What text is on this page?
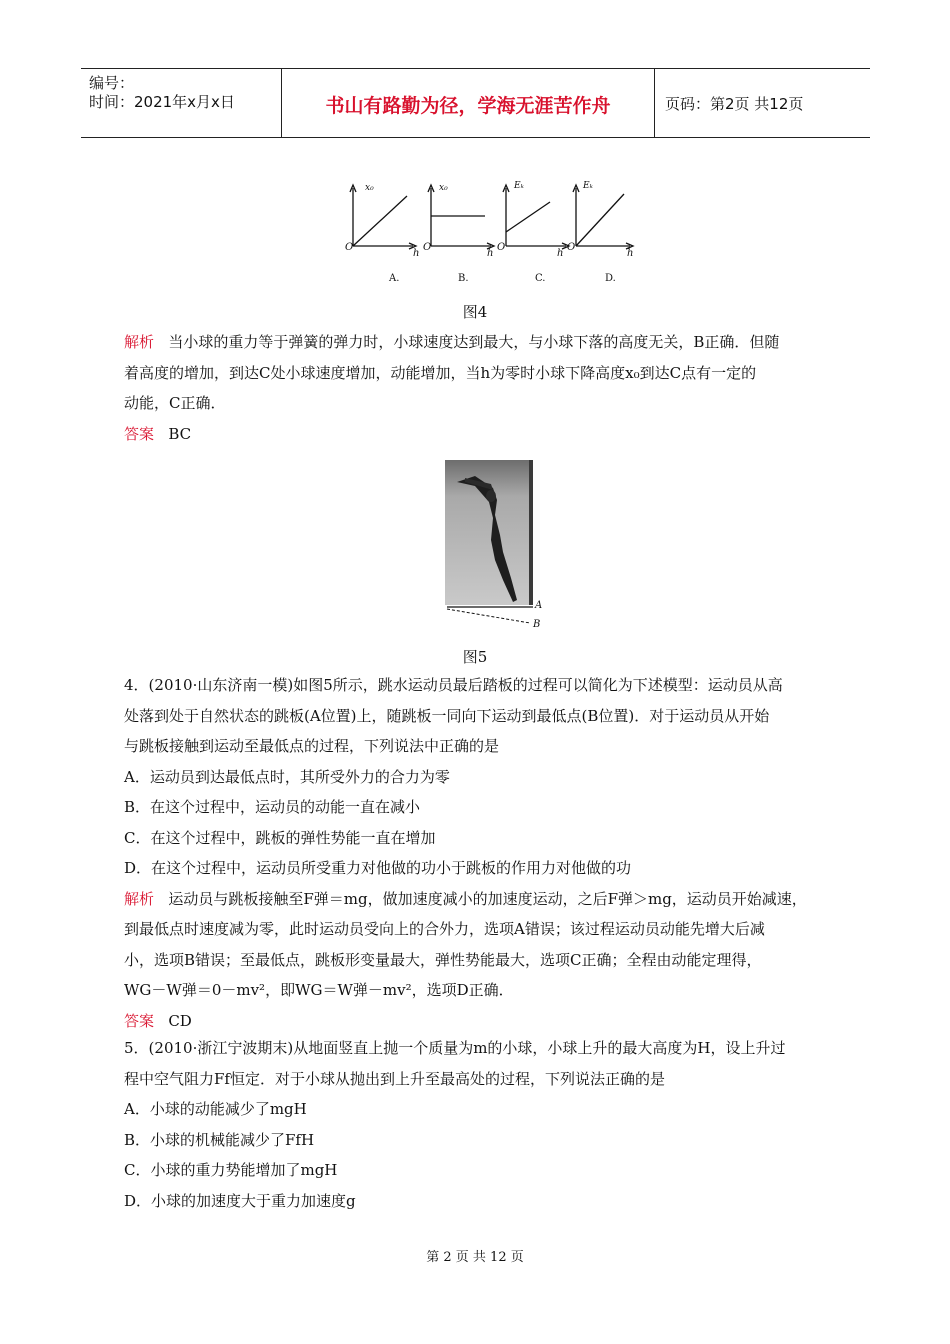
编号：
时间：2021年x月x日	书山有路勤为径，学海无涯苦作舟	页码：第2页 共12页
x₀	x₀	Eₖ	Eₖ
O	O	O	O
h	h	h	h
A.	B.	C.	D.
图4
解析 当小球的重力等于弹簧的弹力时，小球速度达到最大，与小球下落的高度无关，B正确．但随
着高度的增加，到达C处小球速度增加，动能增加，当h为零时小球下降高度x₀到达C点有一定的
动能，C正确．
答案 BC
A
B
图5
4．(2010·山东济南一模)如图5所示，跳水运动员最后踏板的过程可以简化为下述模型：运动员从高
处落到处于自然状态的跳板(A位置)上，随跳板一同向下运动到最低点(B位置)．对于运动员从开始
与跳板接触到运动至最低点的过程，下列说法中正确的是
A．运动员到达最低点时，其所受外力的合力为零
B．在这个过程中，运动员的动能一直在减小
C．在这个过程中，跳板的弹性势能一直在增加
D．在这个过程中，运动员所受重力对他做的功小于跳板的作用力对他做的功
解析 运动员与跳板接触至F弹＝mg，做加速度减小的加速度运动，之后F弹＞mg，运动员开始减速，
到最低点时速度减为零，此时运动员受向上的合外力，选项A错误；该过程运动员动能先增大后减
小，选项B错误；至最低点，跳板形变量最大，弹性势能最大，选项C正确；全程由动能定理得，
WG－W弹＝0－mv²，即WG＝W弹－mv²，选项D正确．
答案 CD
5．(2010·浙江宁波期末)从地面竖直上抛一个质量为m的小球，小球上升的最大高度为H，设上升过
程中空气阻力Ff恒定．对于小球从抛出到上升至最高处的过程，下列说法正确的是
A．小球的动能减少了mgH
B．小球的机械能减少了FfH
C．小球的重力势能增加了mgH
D．小球的加速度大于重力加速度g
第 2 页 共 12 页
